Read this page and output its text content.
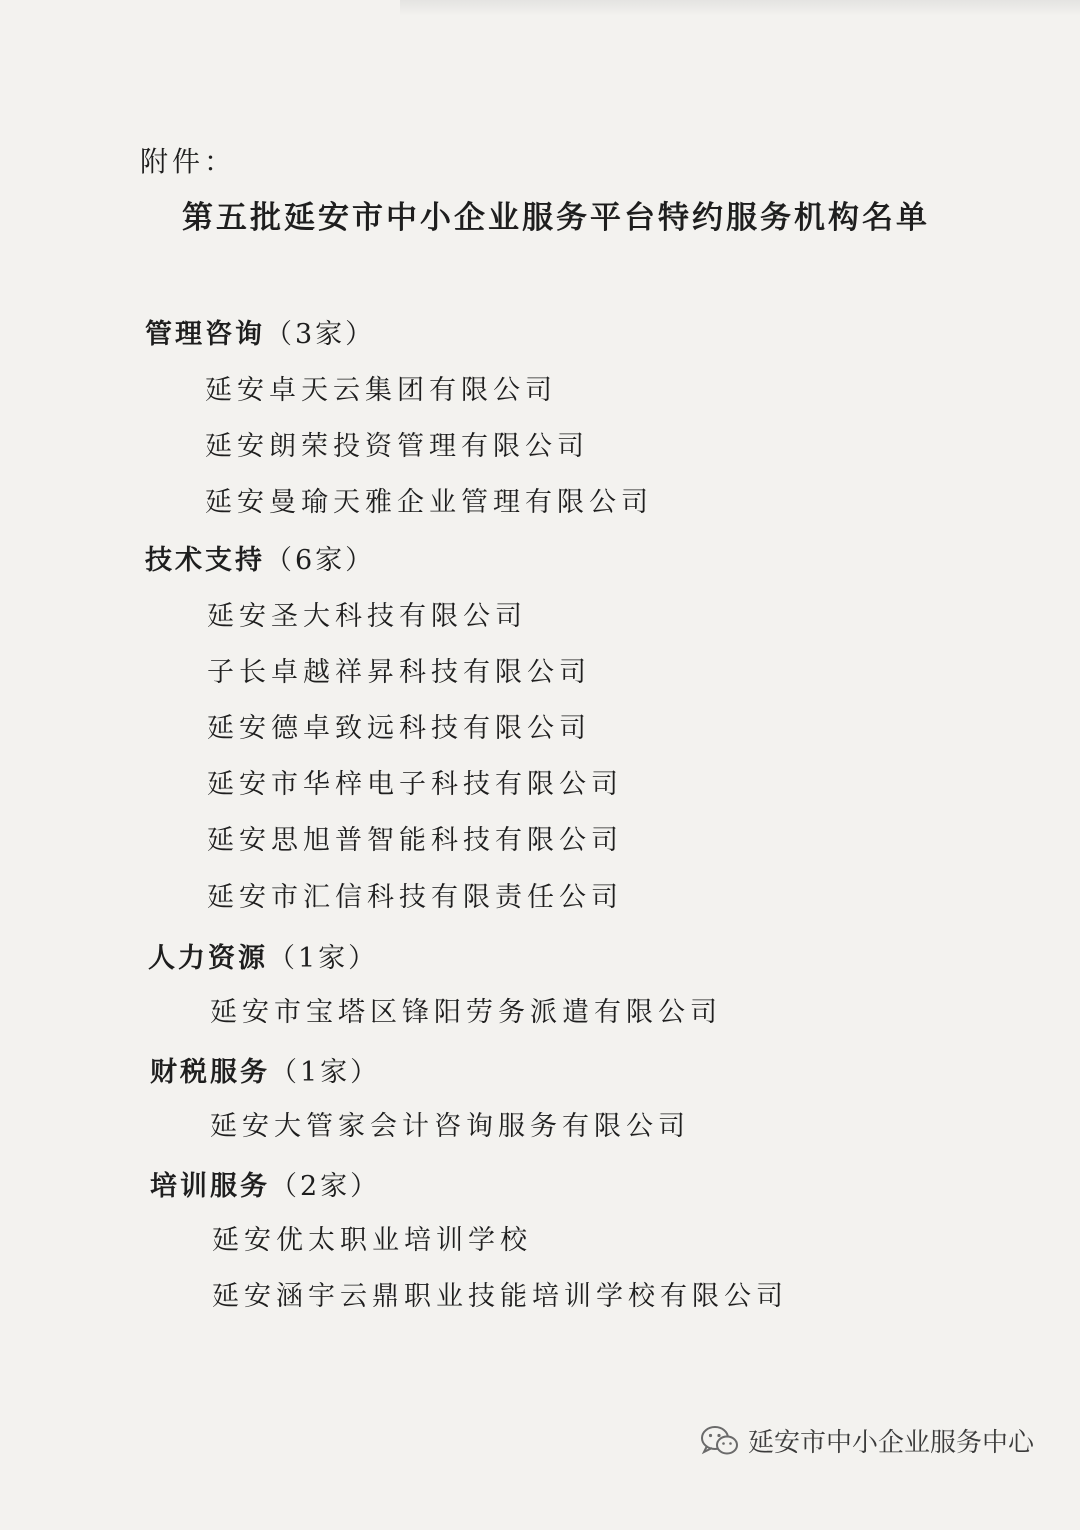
附件：
第五批延安市中小企业服务平台特约服务机构名单
管理咨询（3家）
延安卓天云集团有限公司
延安朗荣投资管理有限公司
延安曼瑜天雅企业管理有限公司
技术支持（6家）
延安圣大科技有限公司
子长卓越祥昇科技有限公司
延安德卓致远科技有限公司
延安市华梓电子科技有限公司
延安思旭普智能科技有限公司
延安市汇信科技有限责任公司
人力资源（1家）
延安市宝塔区锋阳劳务派遣有限公司
财税服务（1家）
延安大管家会计咨询服务有限公司
培训服务（2家）
延安优太职业培训学校
延安涵宇云鼎职业技能培训学校有限公司
延安市中小企业服务中心
